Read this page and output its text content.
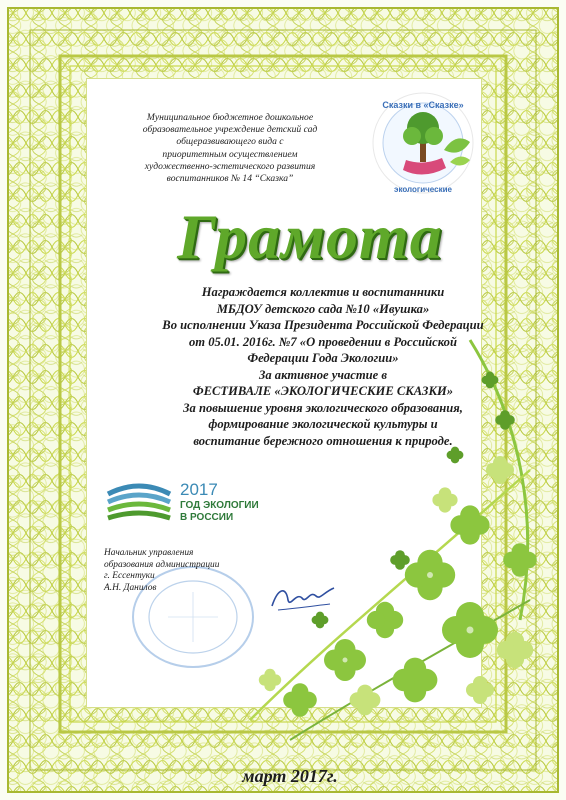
Муниципальное бюджетное дошкольное
образовательное учреждение детский сад
общеразвивающего вида с
приоритетным осуществлением
художественно-эстетического развития
воспитанников № 14 “Сказка”
Сказки в «Сказке»
экологические
Грамота
Награждается коллектив и воспитанники
МБДОУ детского сада №10 «Ивушка»
Во исполнении Указа Президента Российской Федерации
от 05.01. 2016г. №7 «О проведении в Российской
Федерации Года Экологии»
За активное участие в
ФЕСТИВАЛЕ «ЭКОЛОГИЧЕСКИЕ СКАЗКИ»
За повышение уровня экологического образования,
формирование экологической культуры и
воспитание бережного отношения к природе.
2017
ГОД ЭКОЛОГИИ
В РОССИИ
Начальник управления
образования администрации
г. Ессентуки
А.Н. Данилов
март 2017г.
